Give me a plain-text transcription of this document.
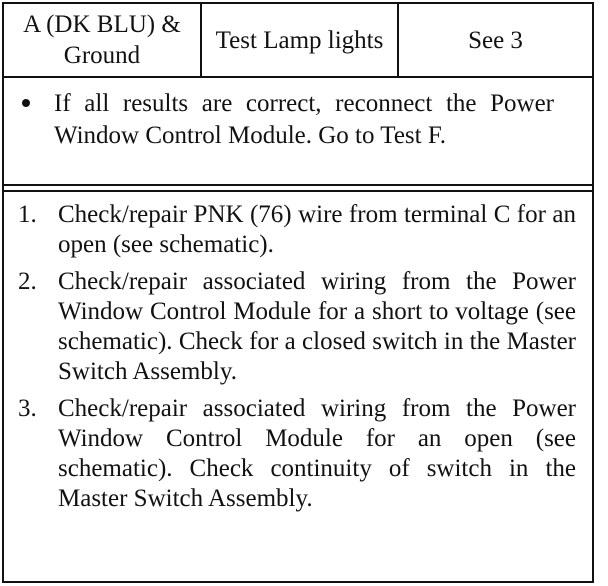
A (DK BLU) & Ground
Test Lamp lights	See 3
If all results are correct, reconnect the Power Window Control Module. Go to Test F.
1. Check/repair PNK (76) wire from terminal C for an open (see schematic).
2. Check/repair associated wiring from the Power Window Control Module for a short to voltage (see schematic). Check for a closed switch in the Master Switch Assembly.
3. Check/repair associated wiring from the Power Window Control Module for an open (see schematic). Check continuity of switch in the Master Switch Assembly.
